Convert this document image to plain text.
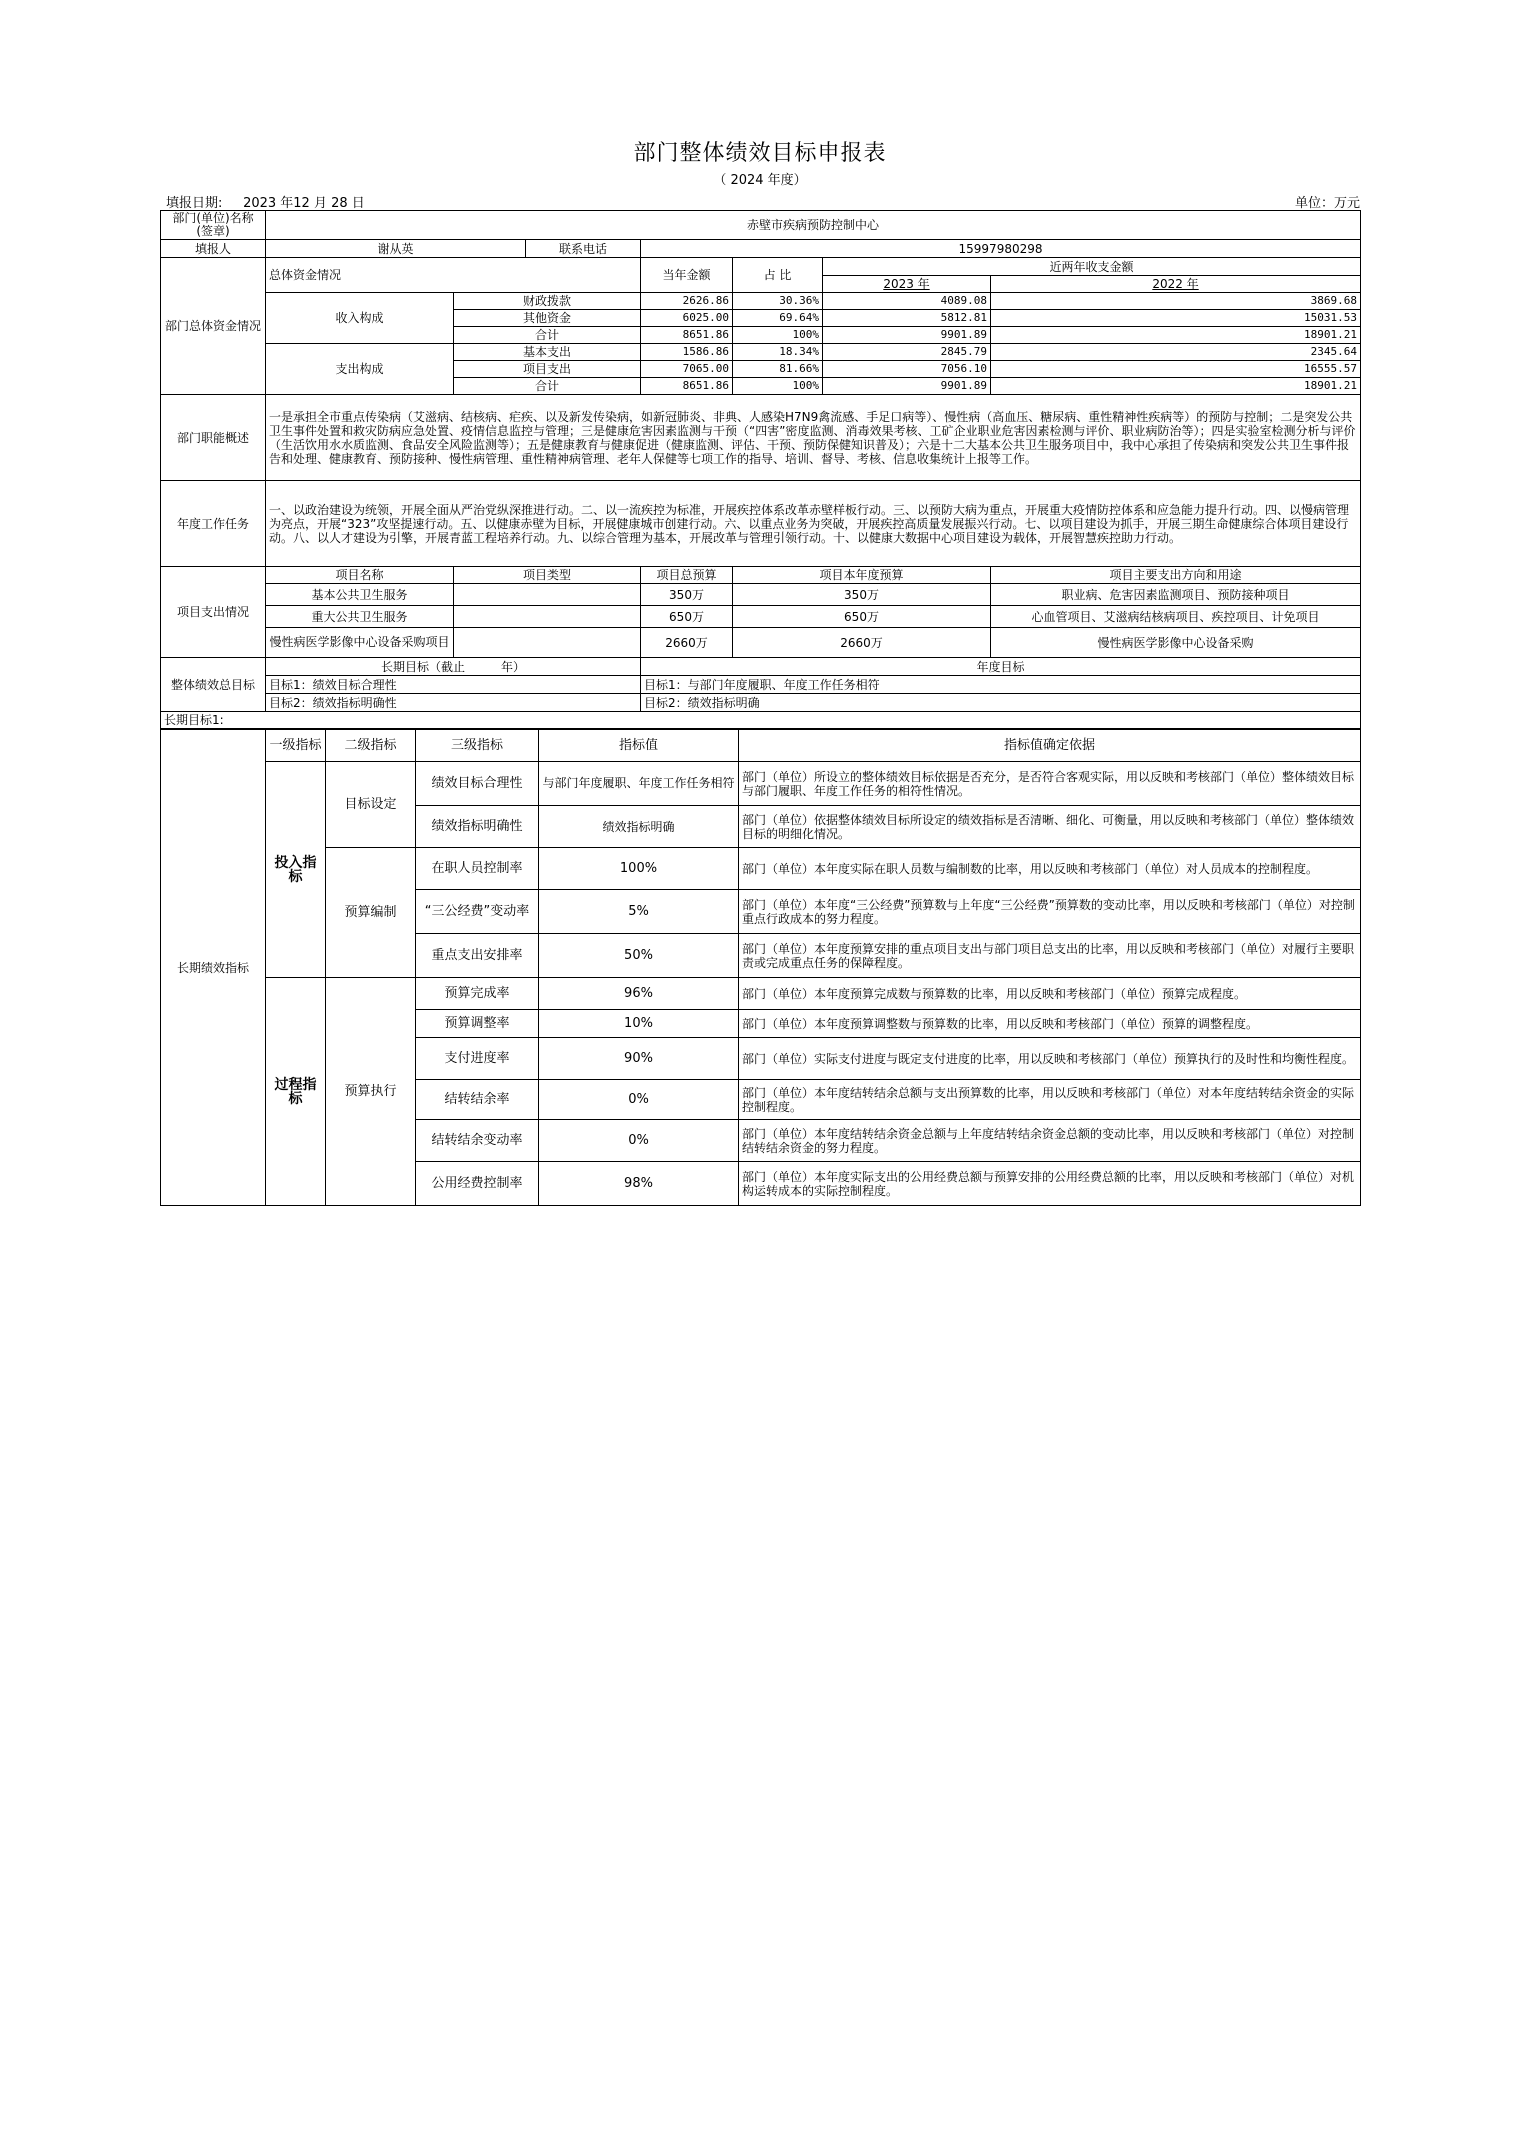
部门整体绩效目标申报表
（ 2024 年度）
填报日期: 2023 年12 月 28 日	单位：万元
部门(单位)名称(签章)	赤壁市疾病预防控制中心						
填报人	谢从英		联系电话	15997980298			
部门总体资金情况	总体资金情况			当年金额	占 比	近两年收支金额	
						2023 年	2022 年
	收入构成	财政拨款		2626.86	30.36%	4089.08	3869.68
		其他资金		6025.00	69.64%	5812.81	15031.53
		合计		8651.86	100%	9901.89	18901.21
	支出构成	基本支出		1586.86	18.34%	2845.79	2345.64
		项目支出		7065.00	81.66%	7056.10	16555.57
		合计		8651.86	100%	9901.89	18901.21
部门职能概述	一是承担全市重点传染病（艾滋病、结核病、疟疾、以及新发传染病，如新冠肺炎、非典、人感染H7N9禽流感、手足口病等）、慢性病（高血压、糖尿病、重性精神性疾病等）的预防与控制；二是突发公共卫生事件处置和救灾防病应急处置、疫情信息监控与管理；三是健康危害因素监测与干预（“四害”密度监测、消毒效果考核、工矿企业职业危害因素检测与评价、职业病防治等）；四是实验室检测分析与评价（生活饮用水水质监测、食品安全风险监测等）；五是健康教育与健康促进（健康监测、评估、干预、预防保健知识普及）；六是十二大基本公共卫生服务项目中，我中心承担了传染病和突发公共卫生事件报告和处理、健康教育、预防接种、慢性病管理、重性精神病管理、老年人保健等七项工作的指导、培训、督导、考核、信息收集统计上报等工作。						
年度工作任务	一、以政治建设为统领，开展全面从严治党纵深推进行动。二、以一流疾控为标准，开展疾控体系改革赤壁样板行动。三、以预防大病为重点，开展重大疫情防控体系和应急能力提升行动。四、以慢病管理为亮点，开展“323”攻坚提速行动。五、以健康赤壁为目标，开展健康城市创建行动。六、以重点业务为突破，开展疾控高质量发展振兴行动。七、以项目建设为抓手，开展三期生命健康综合体项目建设行动。八、以人才建设为引擎，开展青蓝工程培养行动。九、以综合管理为基本，开展改革与管理引领行动。十、以健康大数据中心项目建设为载体，开展智慧疾控助力行动。						
项目支出情况	项目名称	项目类型		项目总预算	项目本年度预算		项目主要支出方向和用途
	基本公共卫生服务			350万	350万		职业病、危害因素监测项目、预防接种项目
	重大公共卫生服务			650万	650万		心血管项目、艾滋病结核病项目、疾控项目、计免项目
	慢性病医学影像中心设备采购项目			2660万	2660万		慢性病医学影像中心设备采购
整体绩效总目标	长期目标（截止　　　年）			年度目标			
	目标1：绩效目标合理性			目标1：与部门年度履职、年度工作任务相符			
	目标2：绩效指标明确性			目标2：绩效指标明确			
长期目标1:							
长期绩效指标	一级指标	二级指标	三级指标	指标值	指标值确定依据
	投入指标	目标设定	绩效目标合理性	与部门年度履职、年度工作任务相符	部门（单位）所设立的整体绩效目标依据是否充分，是否符合客观实际，用以反映和考核部门（单位）整体绩效目标与部门履职、年度工作任务的相符性情况。
			绩效指标明确性	绩效指标明确	部门（单位）依据整体绩效目标所设定的绩效指标是否清晰、细化、可衡量，用以反映和考核部门（单位）整体绩效目标的明细化情况。
		预算编制	在职人员控制率	100%	部门（单位）本年度实际在职人员数与编制数的比率，用以反映和考核部门（单位）对人员成本的控制程度。
			“三公经费”变动率	5%	部门（单位）本年度“三公经费”预算数与上年度“三公经费”预算数的变动比率，用以反映和考核部门（单位）对控制重点行政成本的努力程度。
			重点支出安排率	50%	部门（单位）本年度预算安排的重点项目支出与部门项目总支出的比率，用以反映和考核部门（单位）对履行主要职责或完成重点任务的保障程度。
	过程指标	预算执行	预算完成率	96%	部门（单位）本年度预算完成数与预算数的比率，用以反映和考核部门（单位）预算完成程度。
			预算调整率	10%	部门（单位）本年度预算调整数与预算数的比率，用以反映和考核部门（单位）预算的调整程度。
			支付进度率	90%	部门（单位）实际支付进度与既定支付进度的比率，用以反映和考核部门（单位）预算执行的及时性和均衡性程度。
			结转结余率	0%	部门（单位）本年度结转结余总额与支出预算数的比率，用以反映和考核部门（单位）对本年度结转结余资金的实际控制程度。
			结转结余变动率	0%	部门（单位）本年度结转结余资金总额与上年度结转结余资金总额的变动比率，用以反映和考核部门（单位）对控制结转结余资金的努力程度。
			公用经费控制率	98%	部门（单位）本年度实际支出的公用经费总额与预算安排的公用经费总额的比率，用以反映和考核部门（单位）对机构运转成本的实际控制程度。
